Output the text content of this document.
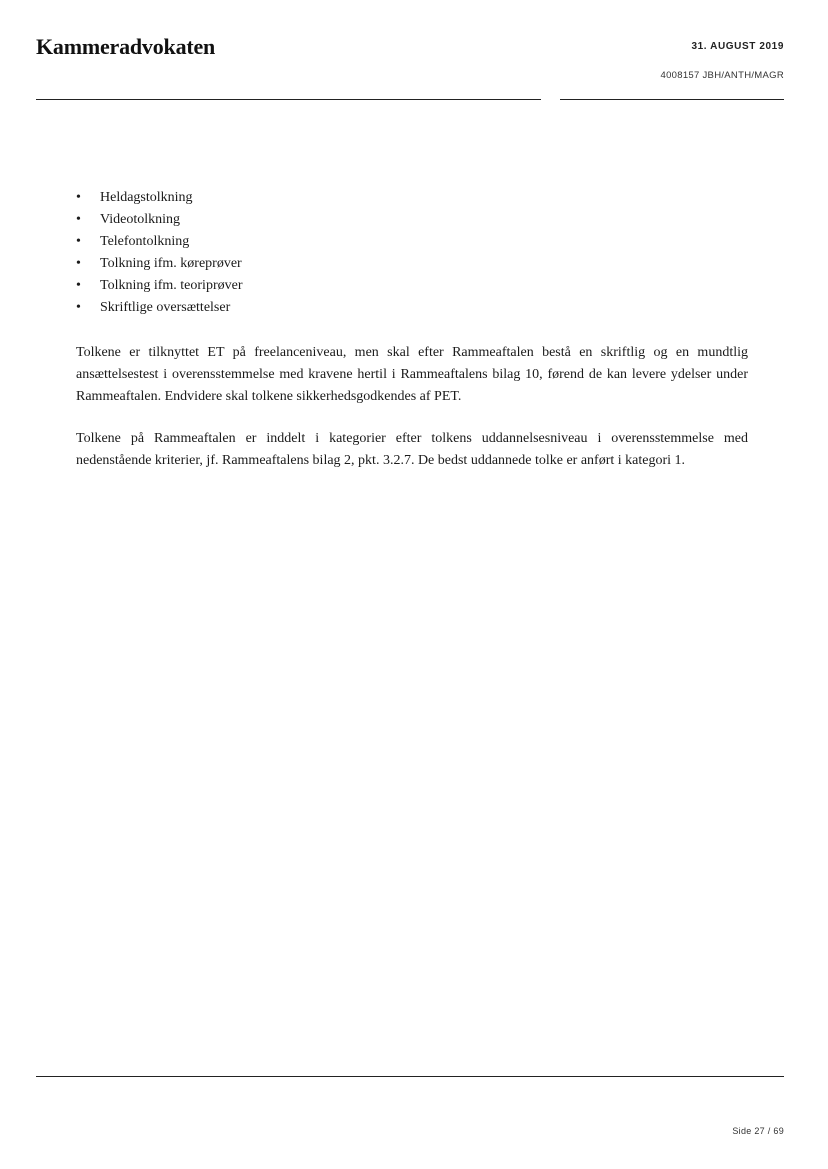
Kammeradvokaten	31. AUGUST 2019
4008157 JBH/ANTH/MAGR
• Heldagstolkning
• Videotolkning
• Telefontolkning
• Tolkning ifm. køreprøver
• Tolkning ifm. teoriprøver
• Skriftlige oversættelser

Tolkene er tilknyttet ET på freelanceniveau, men skal efter Rammeaftalen bestå en skriftlig og en mundtlig ansættelsestest i overensstemmelse med kravene hertil i Rammeaftalens bilag 10, førend de kan levere ydelser under Rammeaftalen. Endvidere skal tolkene sikkerhedsgodkendes af PET.

Tolkene på Rammeaftalen er inddelt i kategorier efter tolkens uddannelsesniveau i overensstemmelse med nedenstående kriterier, jf. Rammeaftalens bilag 2, pkt. 3.2.7. De bedst uddannede tolke er anført i kategori 1.

Side 27 / 69
